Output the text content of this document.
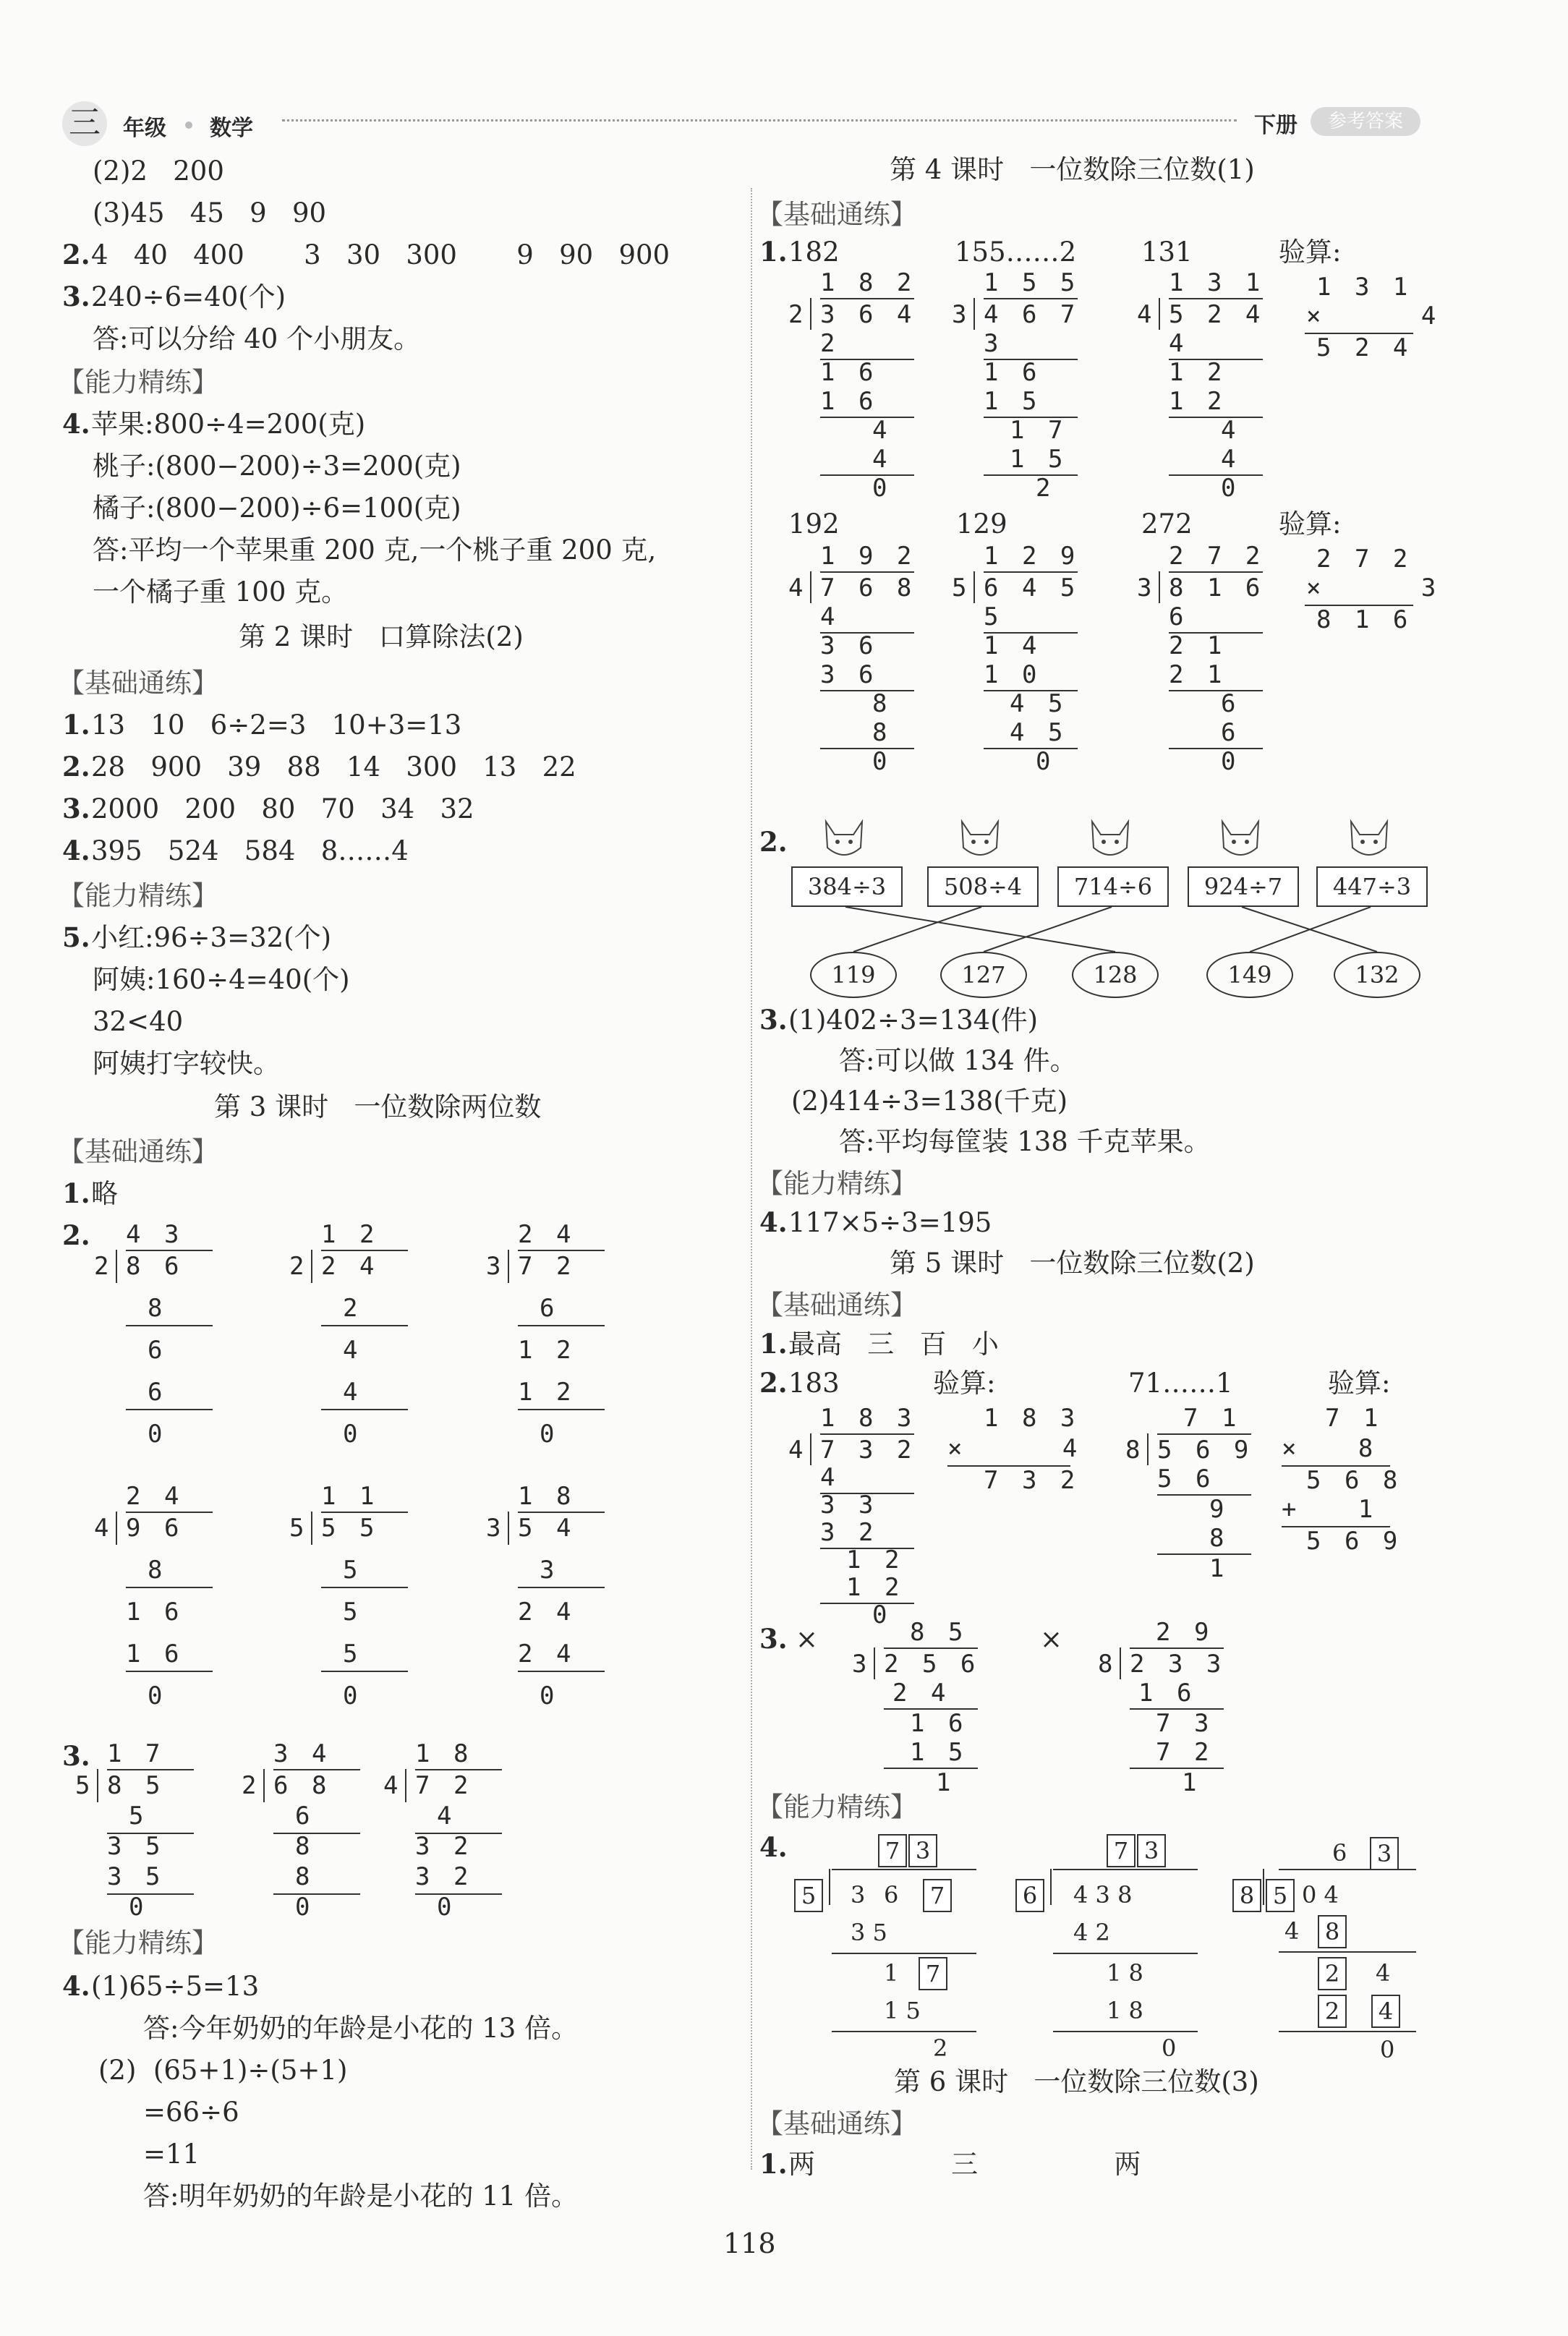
三	年级 数学	下册	参考答案
(2)2   200
(3)45   45   9   90
2. 4   40   400       3   30   300       9   90   900
3. 240÷6=40(个)
答:可以分给 40 个小朋友。
【能力精练】
4. 苹果:800÷4=200(克)
桃子:(800−200)÷3=200(克)
橘子:(800−200)÷6=100(克)
答:平均一个苹果重 200 克,一个桃子重 200 克,
一个橘子重 100 克。
第 2 课时   口算除法(2)
【基础通练】
1. 13   10   6÷2=3   10+3=13
2. 28   900   39   88   14   300   13   22
3. 2000   200   80   70   34   32
4. 395   524   584   8……4
【能力精练】
5. 小红:96÷3=32(个)
阿姨:160÷4=40(个)
32<40
阿姨打字较快。
第 3 课时   一位数除两位数
【基础通练】
1. 略
2. 4 3
2 8 6
8
6
6
0
1 2
2 2 4
2
4
4
0
2 4
3 7 2
6
1 2
1 2
0
2 4
4 9 6
8
1 6
1 6
0
1 1
5 5 5
5
5
5
0
1 8
3 5 4
3
2 4
2 4
0
3. 1 7
5 8 5
5
3 5
3 5
0
3 4
2 6 8
6
8
8
0
1 8
4 7 2
4
3 2
3 2
0
【能力精练】
4. (1)65÷5=13
答:今年奶奶的年龄是小花的 13 倍。
(2)  (65+1)÷(5+1)
=66÷6
=11
答:明年奶奶的年龄是小花的 11 倍。
第 4 课时   一位数除三位数(1)
【基础通练】
1. 182	155……2 131	验算:
192	129	272	验算:
1 8 2
2 3 6 4
2
1 6
1 6
4
4
0
1 5 5
3 4 6 7
3
1 6
1 5
1 7
1 5
2
1 3 1
4 5 2 4
4
1 2
1 2
4
4
0
1 9 2
4 7 6 8
4
3 6
3 6
8
8
0
1 2 9
5 6 4 5
5
1 4
1 0
4 5
4 5
0
2 7 2
3 8 1 6
6
2 1
2 1
6
6
0
1 3 1
×     4
5 2 4
2 7 2
×     3
8 1 6
2.
384÷3	508÷4	714÷6	924÷7	447÷3
119	127	128	149	132
3. (1)402÷3=134(件)
答:可以做 134 件。
(2)414÷3=138(千克)
答:平均每筐装 138 千克苹果。
【能力精练】
4. 117×5÷3=195
第 5 课时   一位数除三位数(2)
【基础通练】
1. 最高   三   百   小
2. 183	验算:	71……1	验算:
1 8 3
4 7 3 2
4
3 3
3 2
1 2
1 2
0
7 1
8 5 6 9
5 6
9
8
1
8 5
3 2 5 6
2 4
1 6
1 5
1
2 9
8 2 3 3
1 6
7 3
7 2
1
1 8 3
×     4
7 3 2
7 1
×   8
5 6 8
+   1
5 6 9
3. ×	×
【能力精练】
4.	7 3
5	3 6	7
3 5
1	7
1 5
2
7 3
6	4 3 8
4 2
1 8
1 8
0
6	3
8 5 0 4
4	8
2	4
2	4
0
第 6 课时   一位数除三位数(3)
【基础通练】
1. 两                三                两
118
